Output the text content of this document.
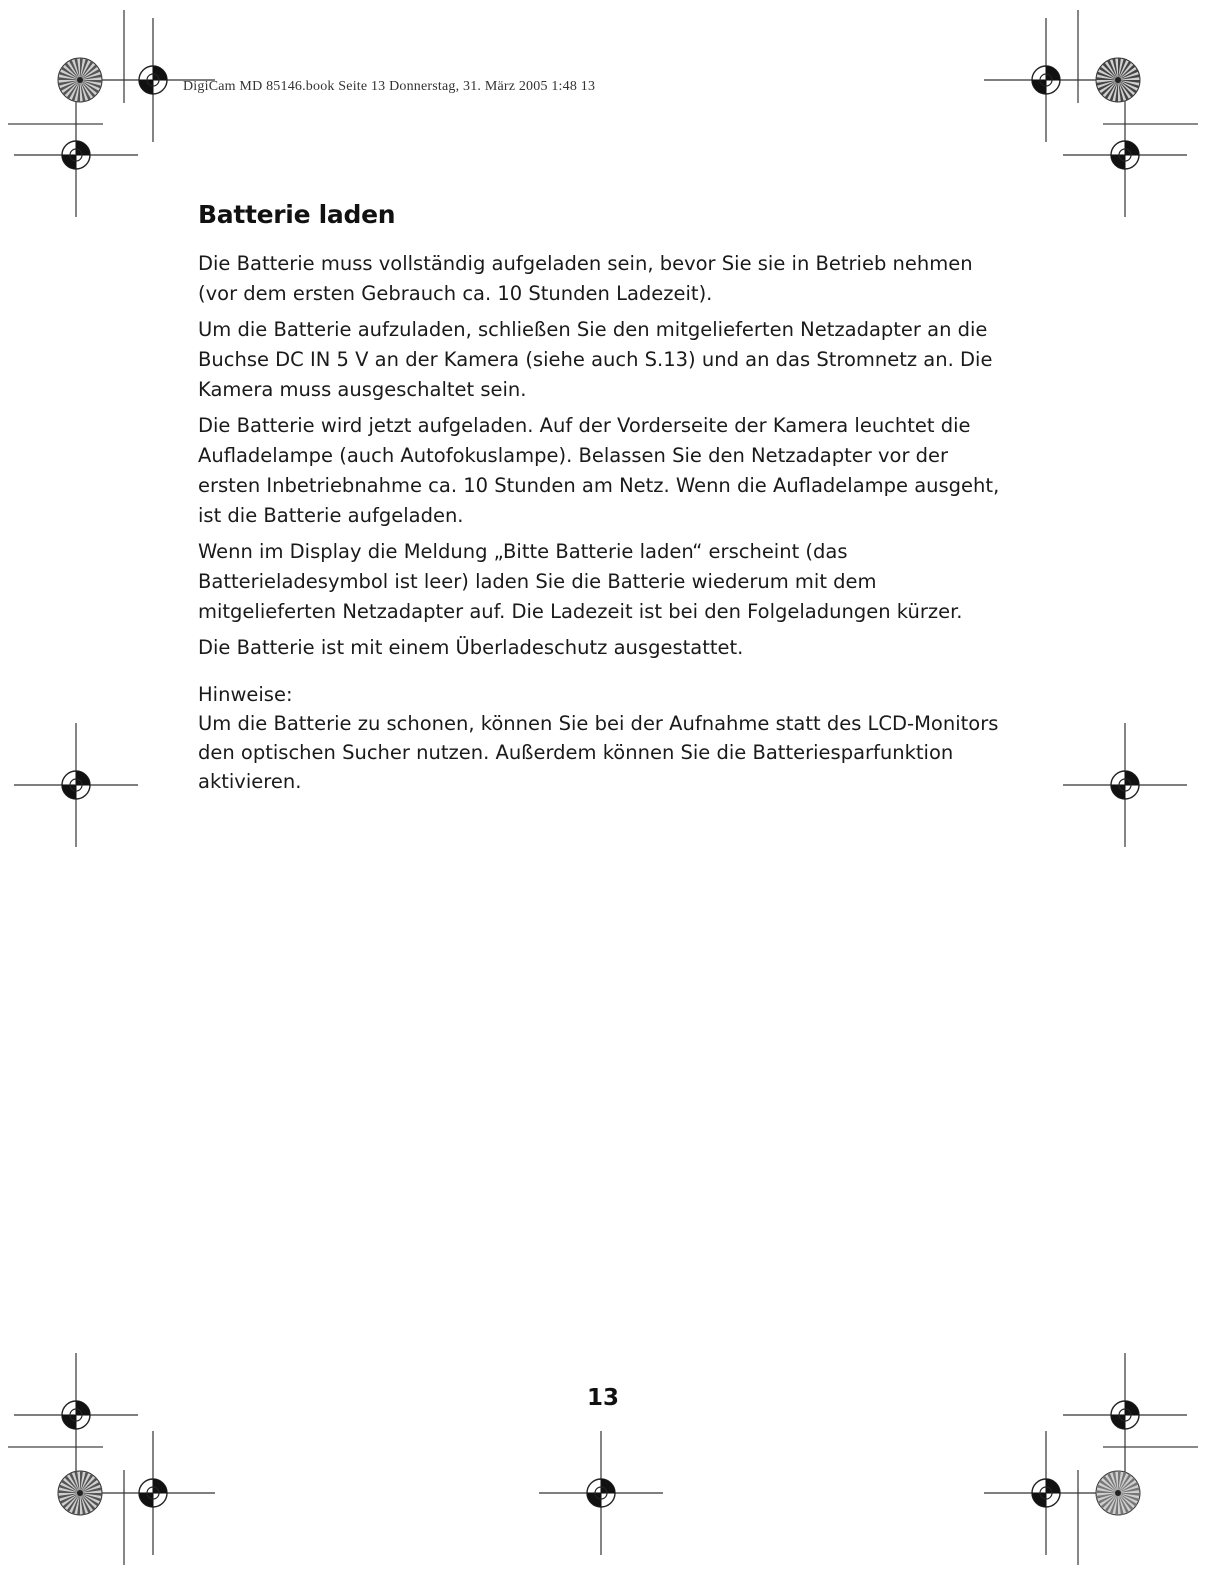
DigiCam MD 85146.book Seite 13 Donnerstag, 31. März 2005 1:48 13
Batterie laden

Die Batterie muss vollständig aufgeladen sein, bevor Sie sie in Betrieb nehmen (vor dem ersten Gebrauch ca. 10 Stunden Ladezeit).

Um die Batterie aufzuladen, schließen Sie den mitgelieferten Netzadapter an die Buchse DC IN 5 V an der Kamera (siehe auch S.13) und an das Stromnetz an. Die Kamera muss ausgeschaltet sein.

Die Batterie wird jetzt aufgeladen. Auf der Vorderseite der Kamera leuchtet die Aufladelampe (auch Autofokuslampe). Belassen Sie den Netzadapter vor der ersten Inbetriebnahme ca. 10 Stunden am Netz. Wenn die Aufladelampe ausgeht, ist die Batterie aufgeladen.

Wenn im Display die Meldung „Bitte Batterie laden“ erscheint (das Batterieladesymbol ist leer) laden Sie die Batterie wiederum mit dem mitgelieferten Netzadapter auf. Die Ladezeit ist bei den Folgeladungen kürzer.

Die Batterie ist mit einem Überladeschutz ausgestattet.

Hinweise:

Um die Batterie zu schonen, können Sie bei der Aufnahme statt des LCD-Monitors den optischen Sucher nutzen. Außerdem können Sie die Batteriesparfunktion aktivieren.

13
